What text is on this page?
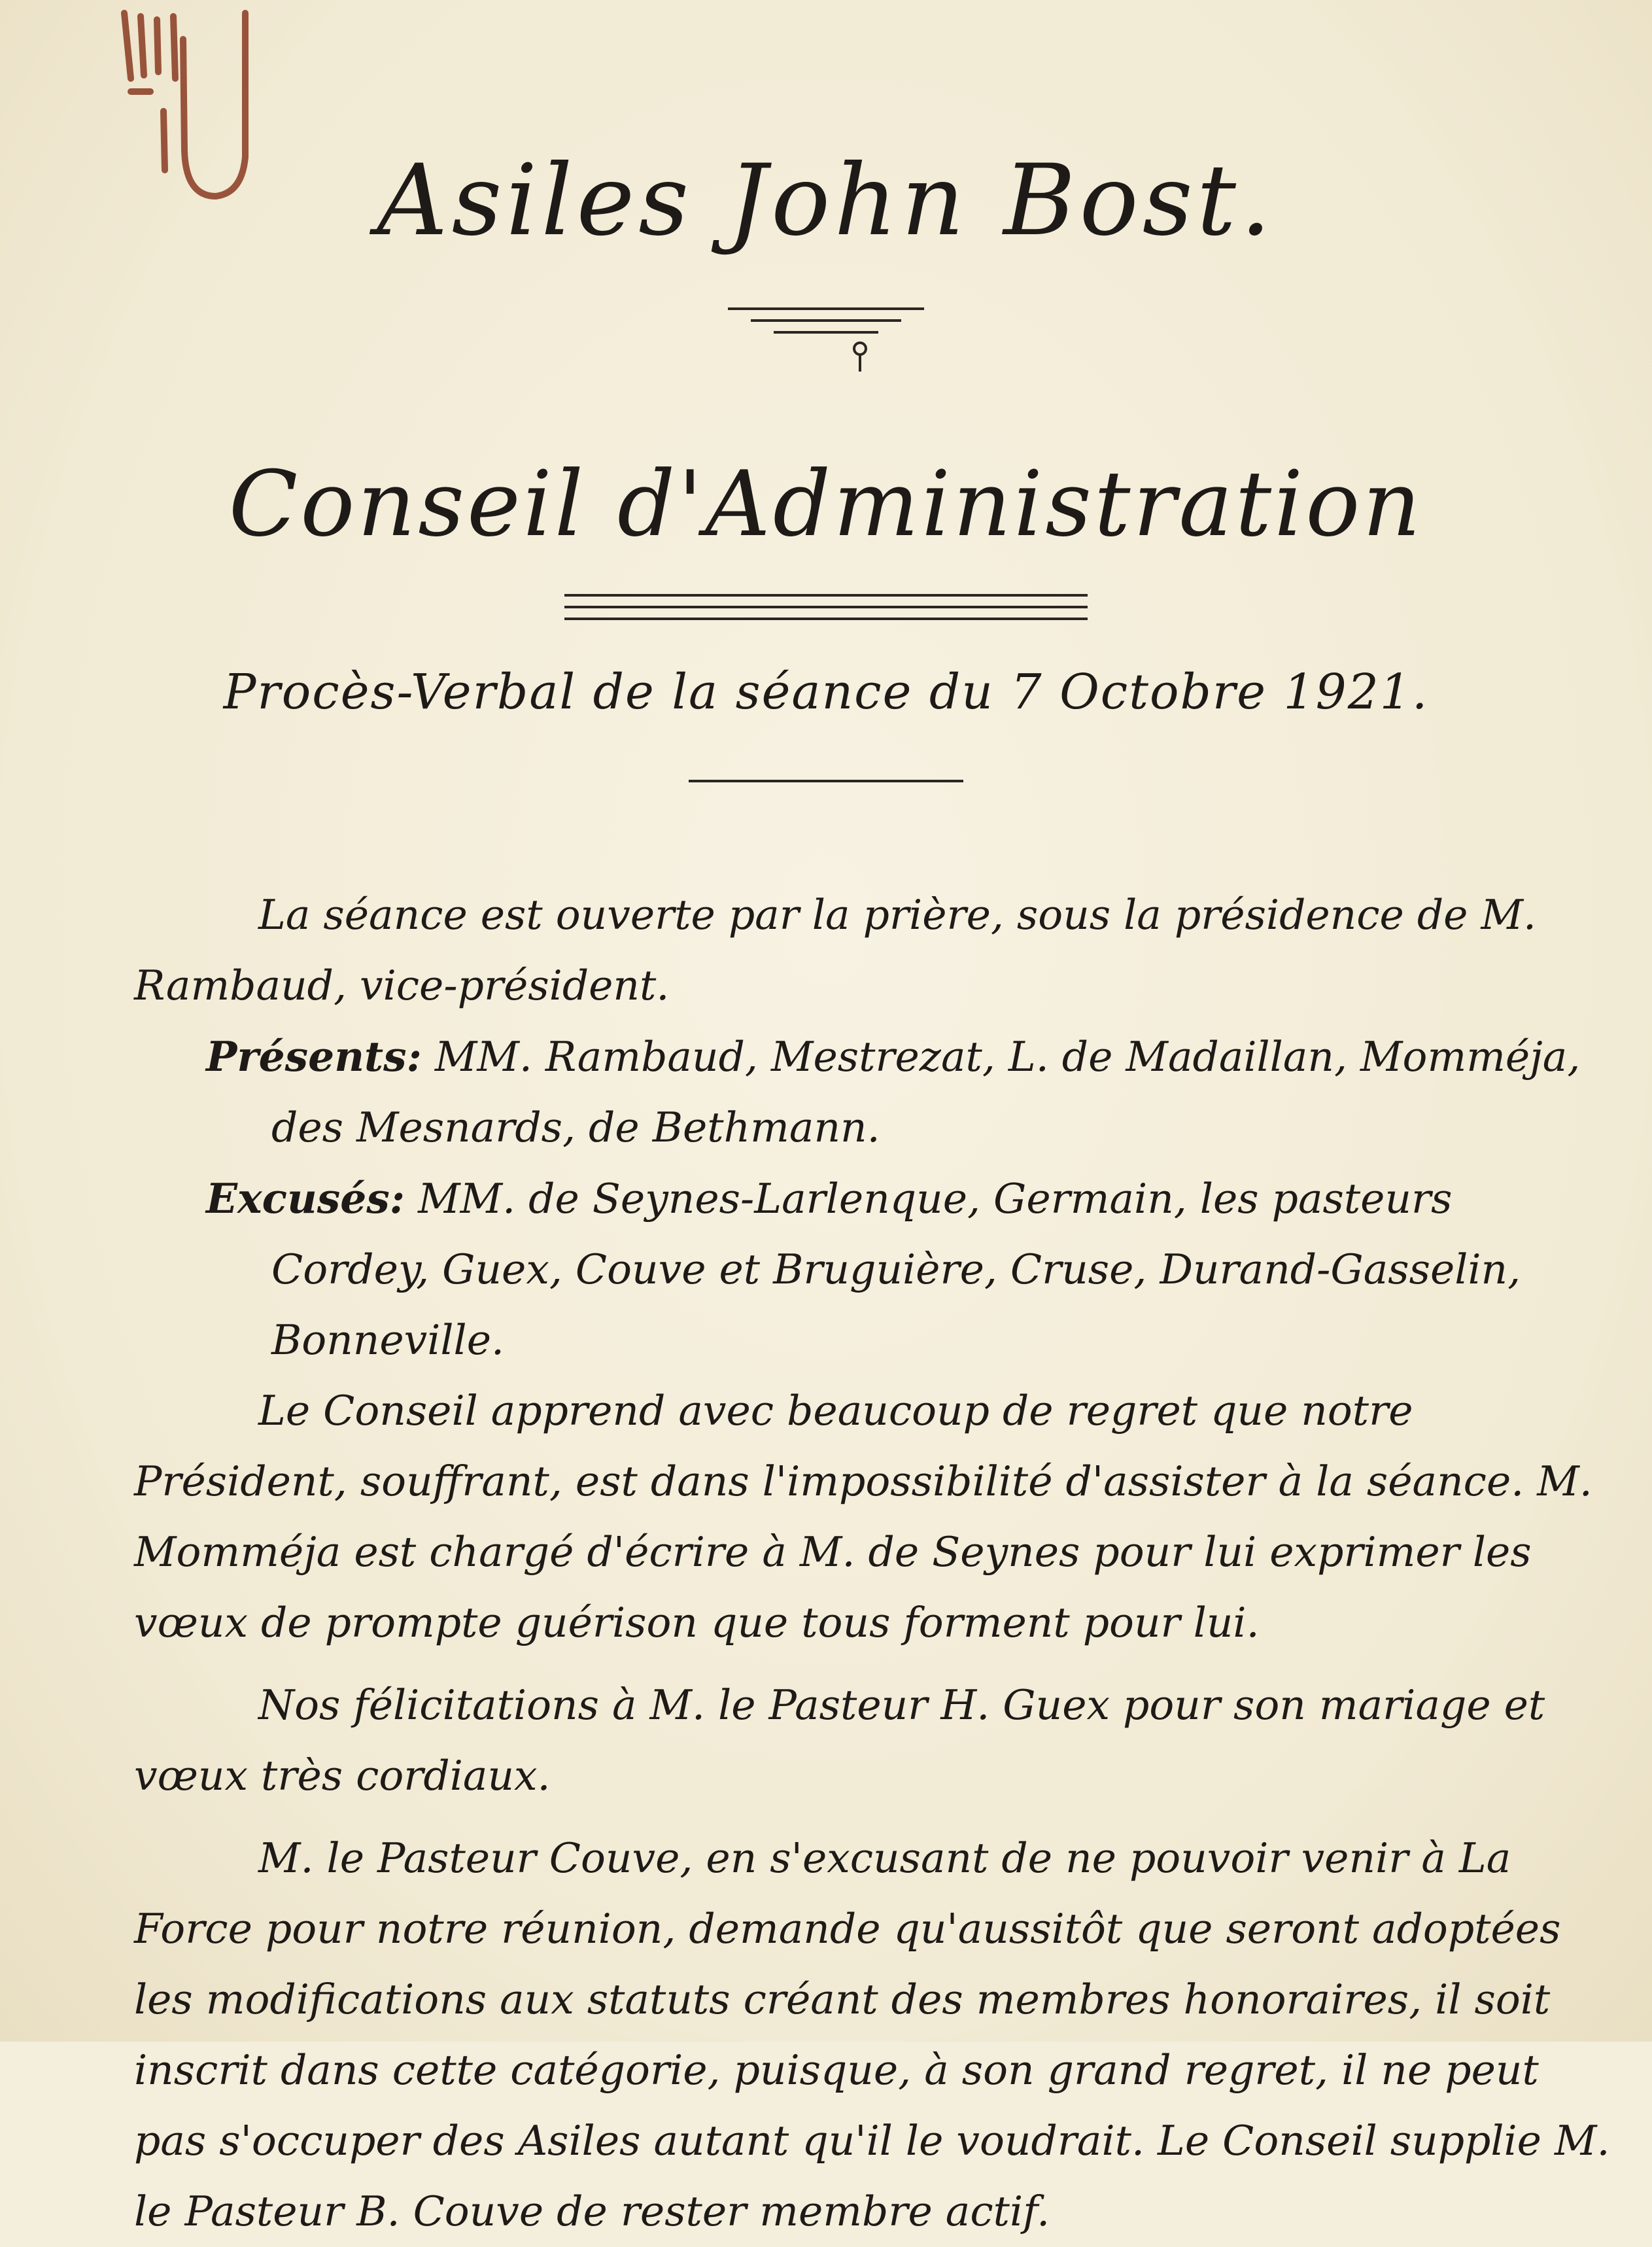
Asiles John Bost.
Conseil d'Administration
Procès-Verbal de la séance du 7 Octobre 1921.

La séance est ouverte par la prière, sous la présidence de M. Rambaud, vice-président.

Présents: MM. Rambaud, Mestrezat, L. de Madaillan, Momméja, des Mesnards, de Bethmann.

Excusés: MM. de Seynes-Larlenque, Germain, les pasteurs Cordey, Guex, Couve et Bruguière, Cruse, Durand-Gasselin, Bonneville.

Le Conseil apprend avec beaucoup de regret que notre Président, souffrant, est dans l'impossibilité d'assister à la séance. M. Momméja est chargé d'écrire à M. de Seynes pour lui exprimer les vœux de prompte guérison que tous forment pour lui.

Nos félicitations à M. le Pasteur H. Guex pour son mariage et vœux très cordiaux.

M. le Pasteur Couve, en s'excusant de ne pouvoir venir à La Force pour notre réunion, demande qu'aussitôt que seront adoptées les modifications aux statuts créant des membres honoraires, il soit inscrit dans cette catégorie, puisque, à son grand regret, il ne peut pas s'occuper des Asiles autant qu'il le voudrait. Le Conseil supplie M. le Pasteur B. Couve de rester membre actif.
